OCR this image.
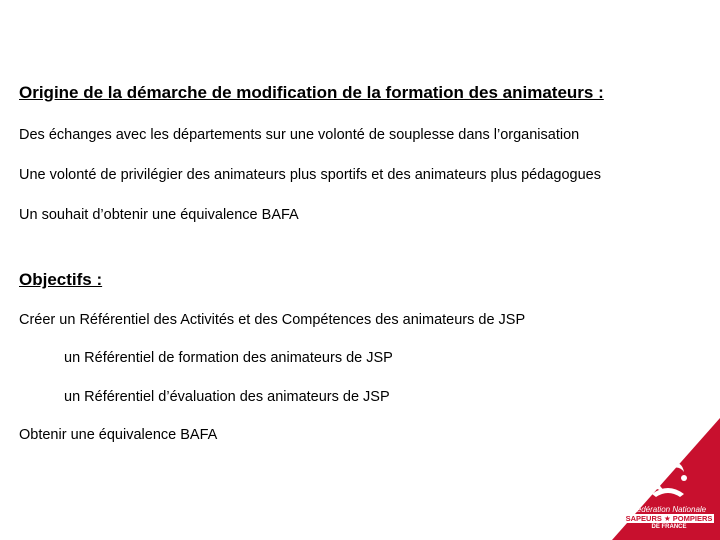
Origine de la démarche de modification de la formation des animateurs :

Des échanges avec les départements sur une volonté de souplesse dans l’organisation

Une volonté de privilégier des animateurs plus sportifs et des animateurs plus pédagogues

Un souhait d’obtenir une équivalence BAFA

Objectifs :

Créer un Référentiel des Activités et des Compétences des animateurs de JSP

un Référentiel de formation des animateurs de JSP

un Référentiel d’évaluation des animateurs de JSP

Obtenir une équivalence BAFA

Fédération Nationale
SAPEURS ★ POMPIERS
DE FRANCE
